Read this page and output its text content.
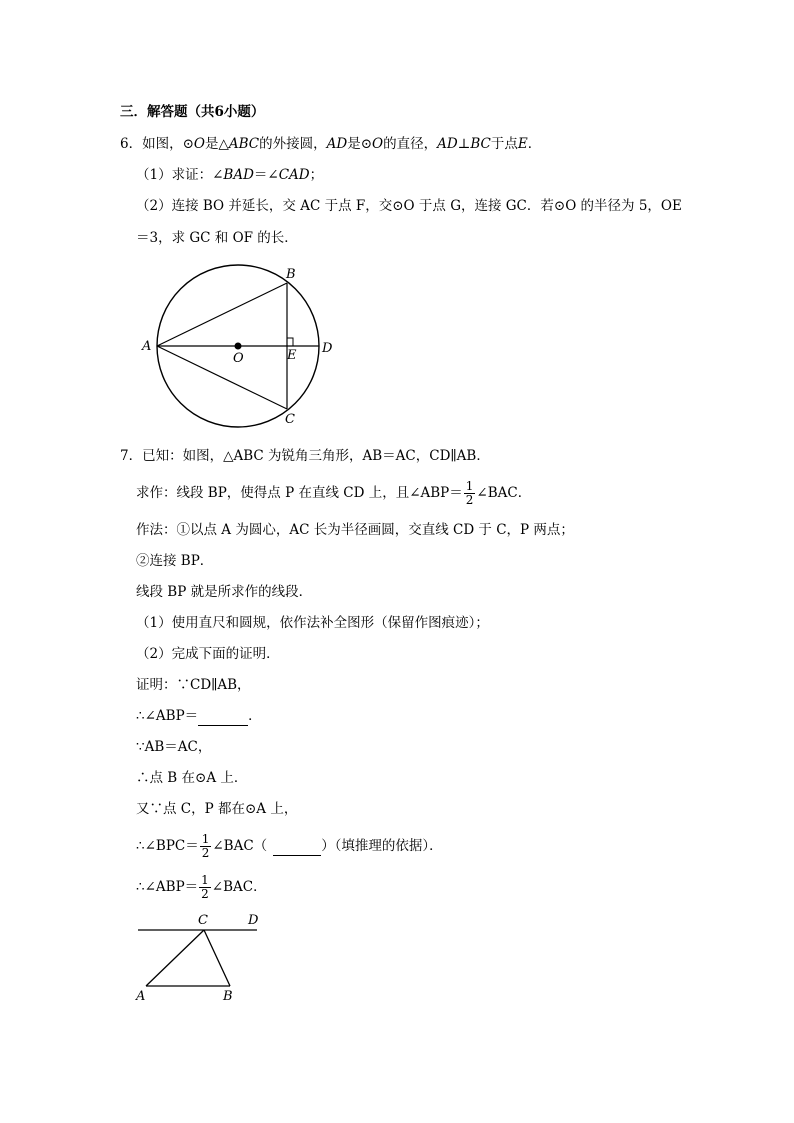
三．解答题（共6小题）
6．如图，⊙O是△ABC的外接圆，AD是⊙O的直径，AD⊥BC于点E．
（1）求证：∠BAD＝∠CAD；
（2）连接 BO 并延长，交 AC 于点 F，交⊙O 于点 G，连接 GC．若⊙O 的半径为 5，OE
＝3，求 GC 和 OF 的长．
A
B
C
D
E
O
7．已知：如图，△ABC 为锐角三角形，AB＝AC，CD∥AB．
求作：线段 BP，使得点 P 在直线 CD 上，且∠ABP＝ $\frac{1}{2}$ ∠BAC．
作法：①以点 A 为圆心，AC 长为半径画圆，交直线 CD 于 C，P 两点；
②连接 BP．
线段 BP 就是所求作的线段．
（1）使用直尺和圆规，依作法补全图形（保留作图痕迹）；
（2）完成下面的证明．
证明：∵CD∥AB，
∴∠ABP＝	．
∵AB＝AC，
∴点 B 在⊙A 上．
又∵点 C，P 都在⊙A 上，
∴∠BPC＝ $\frac{1}{2}$ ∠BAC（	）（填推理的依据）．
∴∠ABP＝ $\frac{1}{2}$ ∠BAC．
A	B
C	D
